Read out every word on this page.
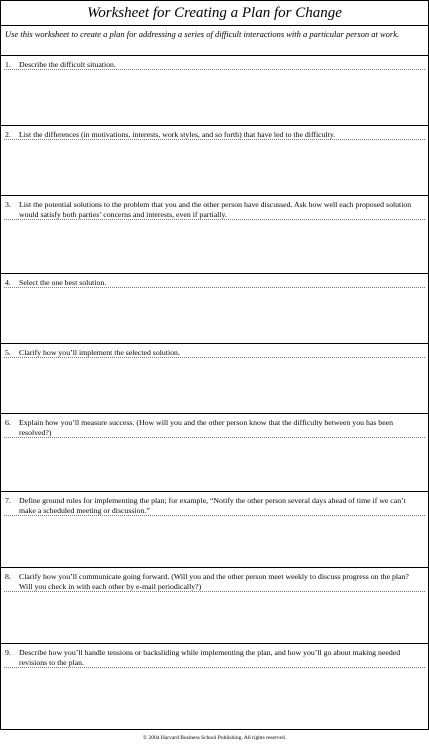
Worksheet for Creating a Plan for Change
Use this worksheet to create a plan for addressing a series of difficult interactions with a particular person at work.
1.	Describe the difficult situation.
2.	List the differences (in motivations, interests, work styles, and so forth) that have led to the difficulty.
3.	List the potential solutions to the problem that you and the other person have discussed. Ask how well each proposed solution would satisfy both parties’ concerns and interests, even if partially.
4.	Select the one best solution.
5.	Clarify how you’ll implement the selected solution.
6.	Explain how you’ll measure success. (How will you and the other person know that the difficulty between you has been resolved?)
7.	Define ground rules for implementing the plan; for example, “Notify the other person several days ahead of time if we can’t make a scheduled meeting or discussion.”
8.	Clarify how you’ll communicate going forward. (Will you and the other person meet weekly to discuss progress on the plan? Will you check in with each other by e-mail periodically?)
9.	Describe how you’ll handle tensions or backsliding while implementing the plan, and how you’ll go about making needed revisions to the plan.
© 2004 Harvard Business School Publishing. All rights reserved.
